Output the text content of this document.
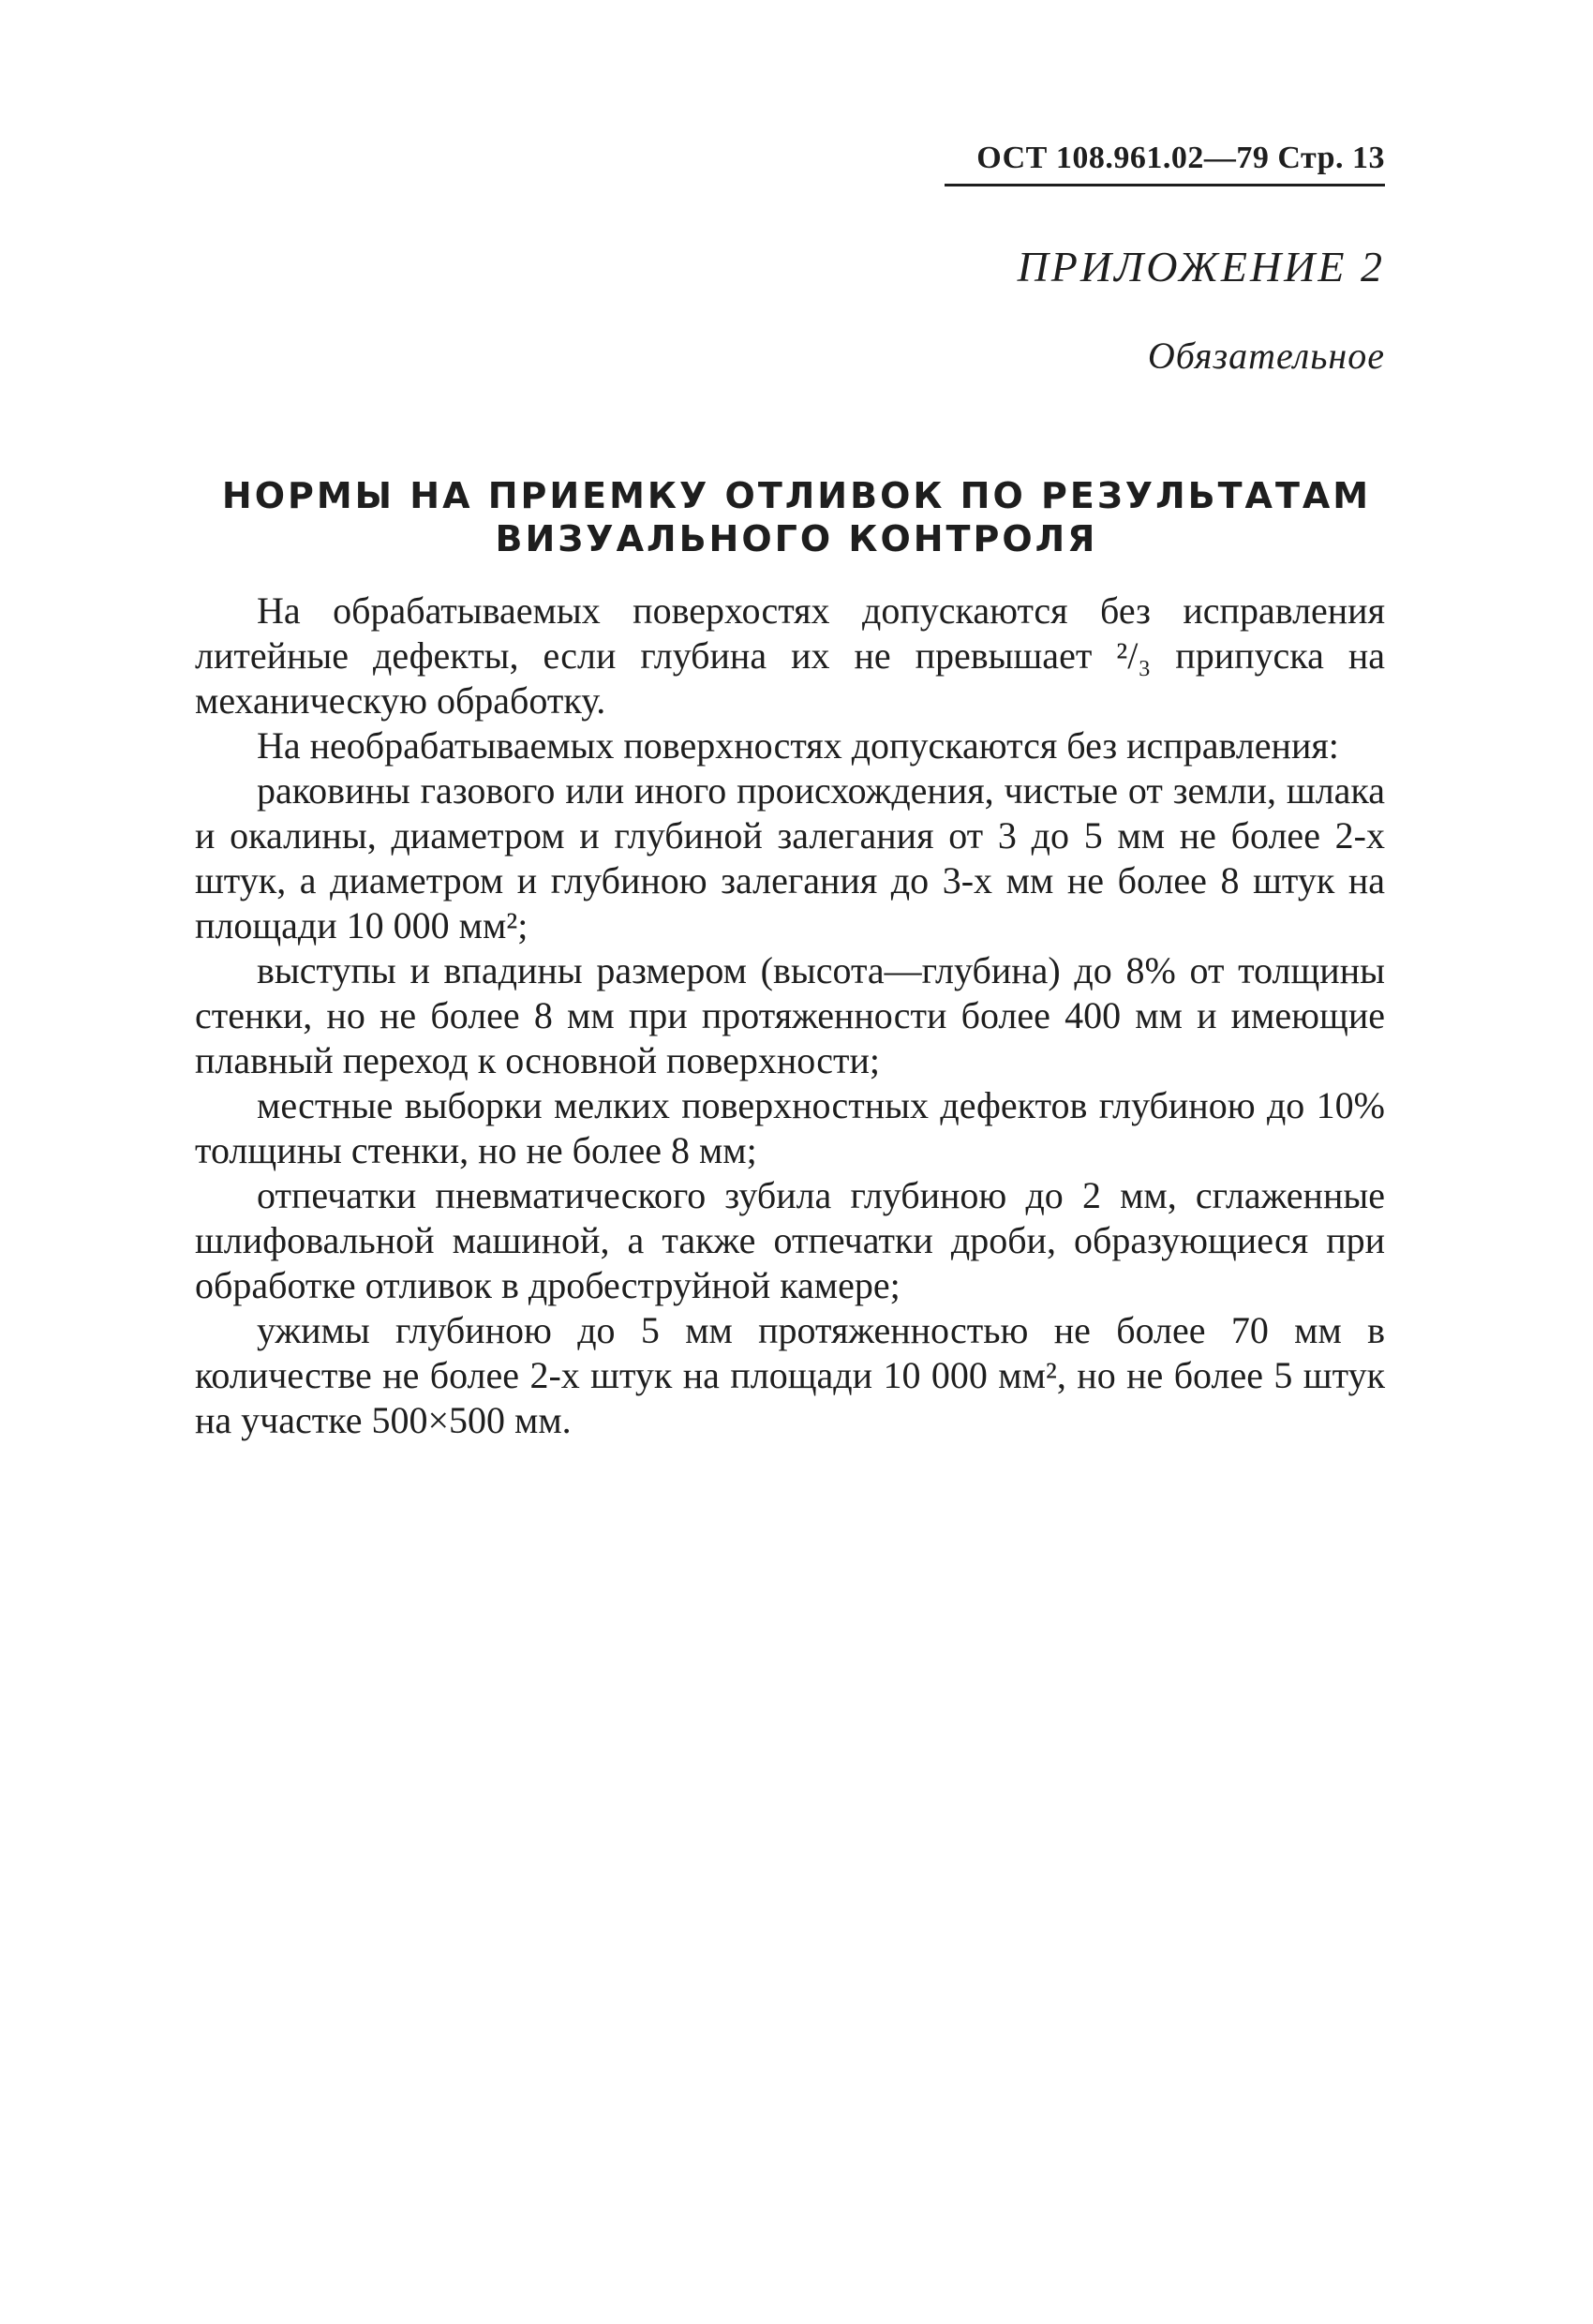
ОСТ 108.961.02—79 Стр. 13
ПРИЛОЖЕНИЕ 2
Обязательное
НОРМЫ НА ПРИЕМКУ ОТЛИВОК ПО РЕЗУЛЬТАТАМ
ВИЗУАЛЬНОГО КОНТРОЛЯ

На обрабатываемых поверхостях допускаются без исправления литейные дефекты, если глубина их не превышает ²/₃ припуска на механическую обработку.

На необрабатываемых поверхностях допускаются без исправления:

раковины газового или иного происхождения, чистые от земли, шлака и окалины, диаметром и глубиной залегания от 3 до 5 мм не более 2-х штук, а диаметром и глубиною залегания до 3-х мм не более 8 штук на площади 10 000 мм²;

выступы и впадины размером (высота—глубина) до 8% от толщины стенки, но не более 8 мм при протяженности более 400 мм и имеющие плавный переход к основной поверхности;

местные выборки мелких поверхностных дефектов глубиною до 10% толщины стенки, но не более 8 мм;

отпечатки пневматического зубила глубиною до 2 мм, сглаженные шлифовальной машиной, а также отпечатки дроби, образующиеся при обработке отливок в дробеструйной камере;

ужимы глубиною до 5 мм протяженностью не более 70 мм в количестве не более 2-х штук на площади 10 000 мм², но не более 5 штук на участке 500×500 мм.
